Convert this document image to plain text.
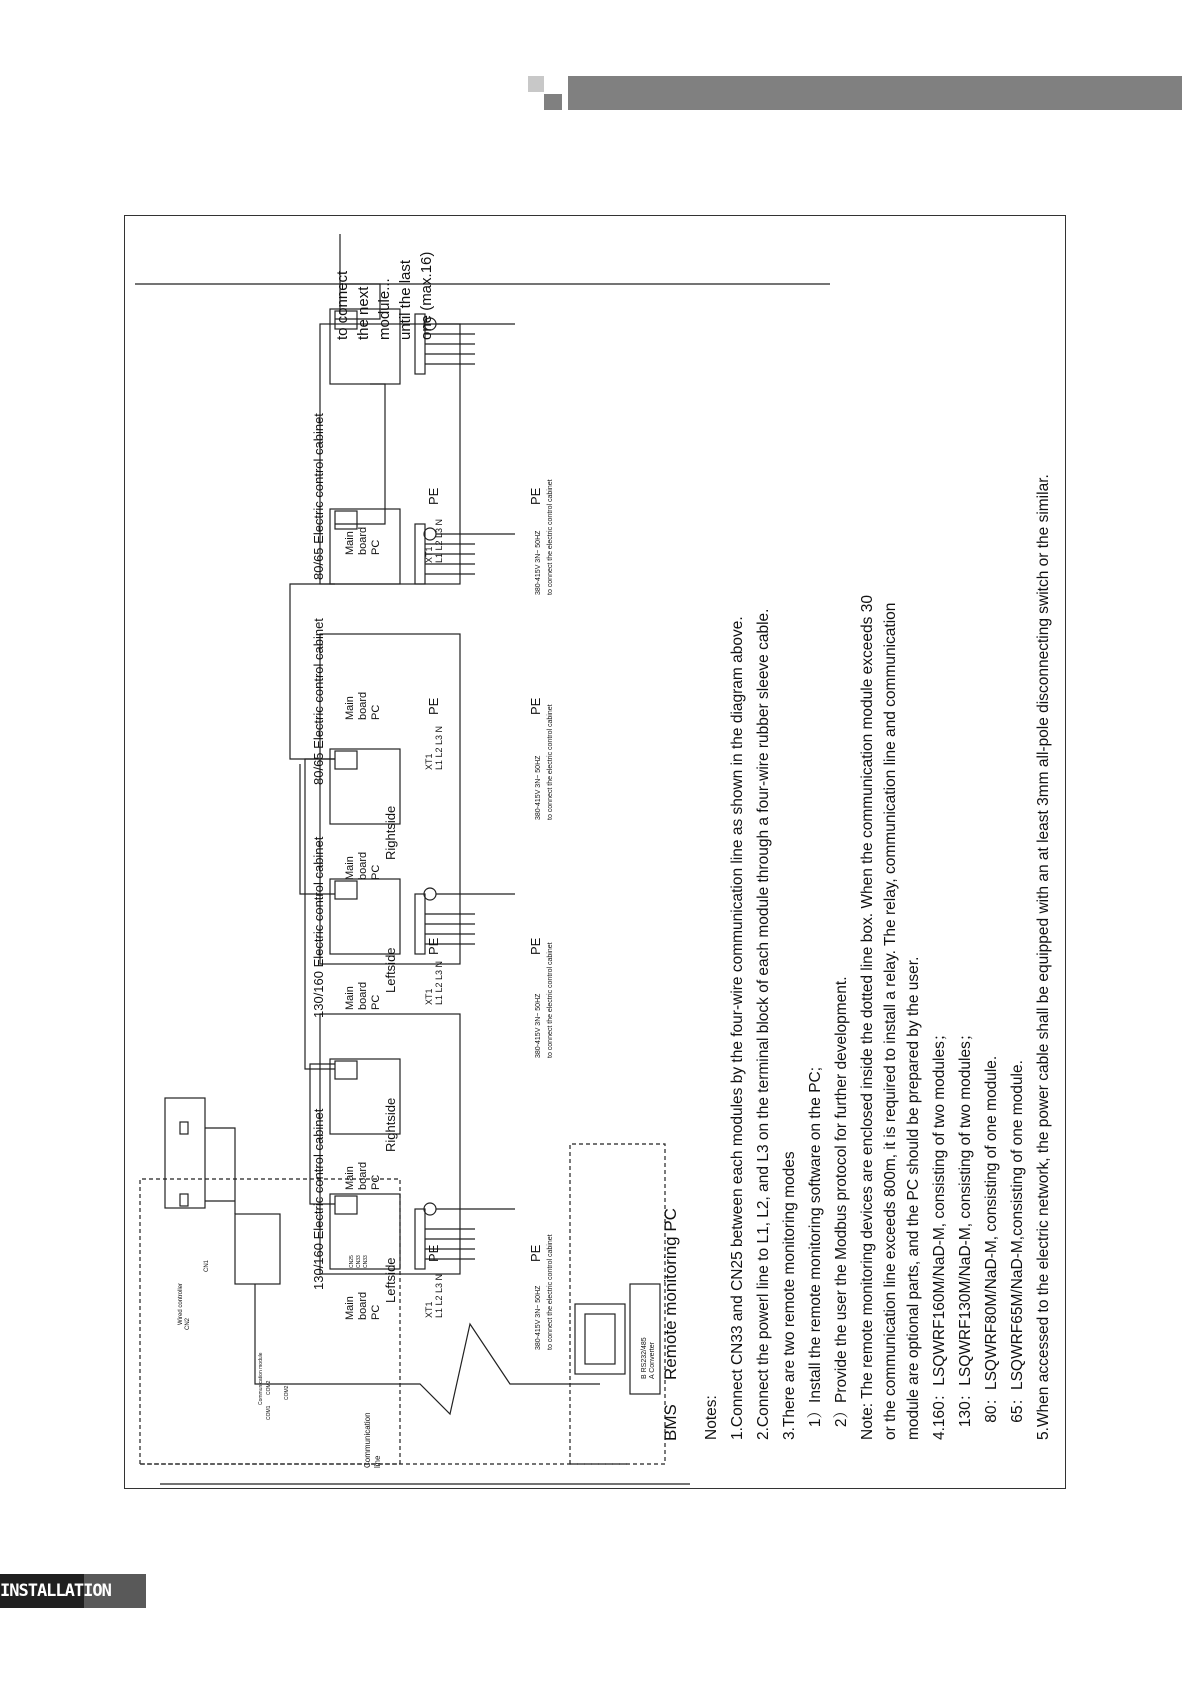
130/160 Electric control cabinet
130/160 Electric control cabinet
80/65 Electric control cabinet
80/65 Electric control cabinet
Main board PC
Main board PC
Main board PC
Main board PC
Main board PC
Main board PC
CN25 CN33 CN33 Leftside
Rightside
Leftside
Rightside
XT1 L1 L2 L3 N
XT1 L1 L2 L3 N
XT1 L1 L2 L3 N
XT1 L1 L2 L3 N
PE	PE
PE	PE
PE	PE
PE	PE
380-415V 3N~ 50HZ to connect the electric control cabinet
380-415V 3N~ 50HZ to connect the electric control cabinet
380-415V 3N~ 50HZ to connect the electric control cabinet
380-415V 3N~ 50HZ to connect the electric control cabinet
to connect the next module... until the last one (max.16)
Wired controller CN2
CN1
Communication module
COM1
COM2 COM2
Communication line
B RS232/485 A Converter Remote monitoring PC
BMS Notes: 1.Connect CN33 and CN25 between each modules by the four-wire communication line as shown in the diagram above. 2.Connect the powerl line to L1, L2, and L3 on the terminal block of each module through a four-wire rubber sleeve cable. 3.There are two remote monitoring modes 1）Install the remote monitoring software on the PC; 2）Provide the user the Modbus protocol for further development. Note: The remote monitoring devices are enclosed inside the dotted line box. When the communication module exceeds 30 or the communication line exceeds 800m, it is required to install a relay. The relay, communication line and communication module are optional parts, and the PC should be prepared by the user. 4.160：LSQWRF160M/NaD-M, consisting of two modules； 130：LSQWRF130M/NaD-M, consisting of two modules； 80：LSQWRF80M/NaD-M, consisting of one module. 65：LSQWRF65M/NaD-M,consisting of one module. 5.When accessed to the electric network, the power cable shall be equipped with an at least 3mm all-pole disconnecting switch or the similar.
INSTALLATION
